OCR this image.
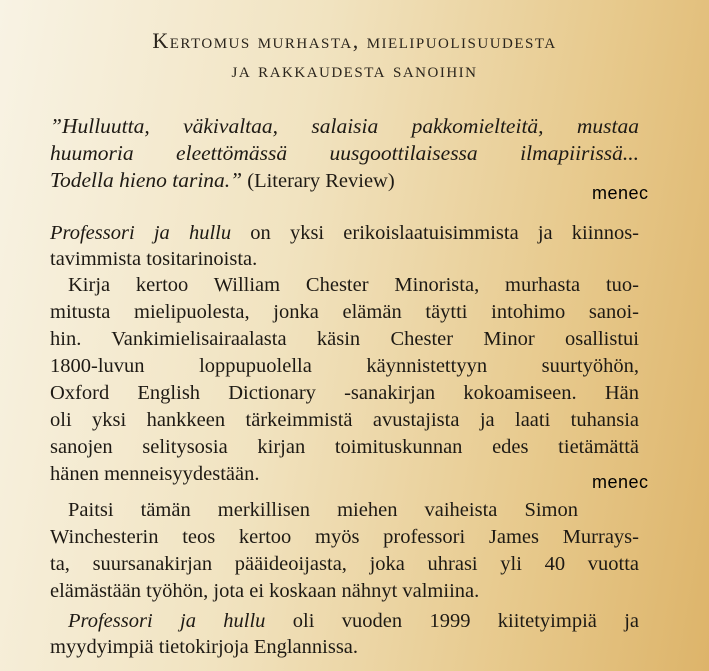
Kertomus murhasta, mielipuolisuudesta
ja rakkaudesta sanoihin
”Hulluutta, väkivaltaa, salaisia pakkomielteitä, mustaa
huumoria eleettömässä uusgoottilaisessa ilmapiirissä...
Todella hieno tarina.” (Literary Review)
menec
Professori ja hullu on yksi erikoislaatuisimmista ja kiinnos-
tavimmista tositarinoista.
Kirja kertoo William Chester Minorista, murhasta tuo-
mitusta mielipuolesta, jonka elämän täytti intohimo sanoi-
hin. Vankimielisairaalasta käsin Chester Minor osallistui
1800-luvun loppupuolella käynnistettyyn suurtyöhön,
Oxford English Dictionary -sanakirjan kokoamiseen. Hän
oli yksi hankkeen tärkeimmistä avustajista ja laati tuhansia
sanojen selitysosia kirjan toimituskunnan edes tietämättä
hänen menneisyydestään.	menec
Paitsi tämän merkillisen miehen vaiheista Simon
Winchesterin teos kertoo myös professori James Murrays-
ta, suursanakirjan pääideoijasta, joka uhrasi yli 40 vuotta
elämästään työhön, jota ei koskaan nähnyt valmiina.
Professori ja hullu oli vuoden 1999 kiitetyimpiä ja
myydyimpiä tietokirjoja Englannissa.
